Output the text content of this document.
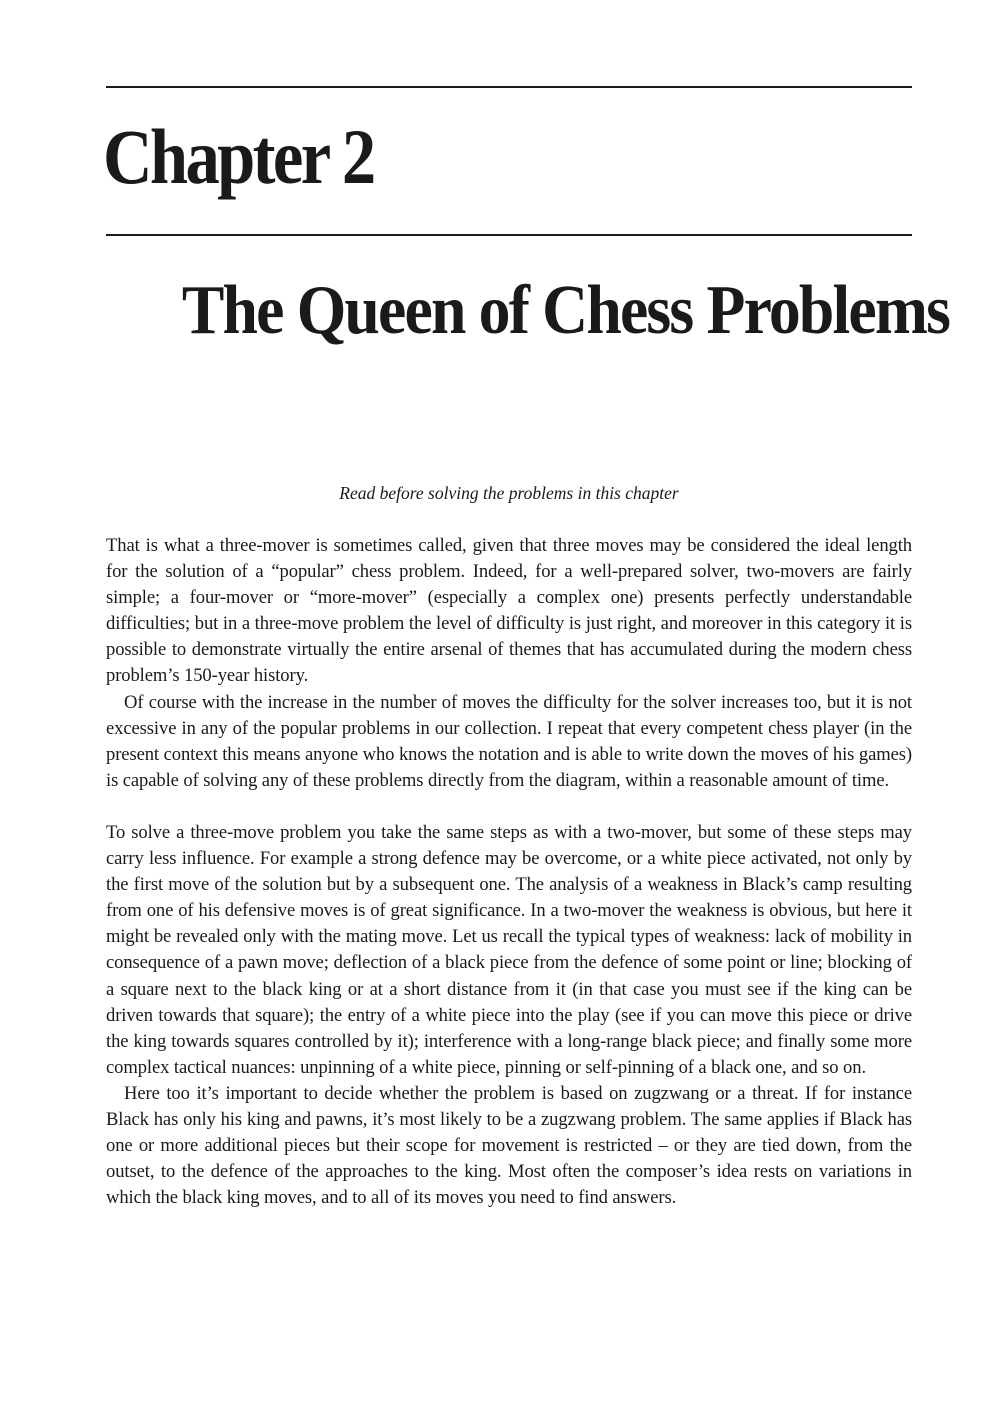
Chapter 2
The Queen of Chess Problems

Read before solving the problems in this chapter

That is what a three-mover is sometimes called, given that three moves may be considered the ideal length for the solution of a “popular” chess problem. Indeed, for a well-prepared solver, two-movers are fairly simple; a four-mover or “more-mover” (especially a complex one) presents perfectly understandable difficulties; but in a three-move problem the level of difficulty is just right, and moreover in this category it is possible to demonstrate virtually the entire arsenal of themes that has accumulated during the modern chess problem’s 150-year history.

Of course with the increase in the number of moves the difficulty for the solver increases too, but it is not excessive in any of the popular problems in our collection. I repeat that every competent chess player (in the present context this means anyone who knows the notation and is able to write down the moves of his games) is capable of solving any of these problems directly from the diagram, within a reasonable amount of time.

To solve a three-move problem you take the same steps as with a two-mover, but some of these steps may carry less influence. For example a strong defence may be overcome, or a white piece activated, not only by the first move of the solution but by a subsequent one. The analysis of a weakness in Black’s camp resulting from one of his defensive moves is of great significance. In a two-mover the weakness is obvious, but here it might be revealed only with the mating move. Let us recall the typical types of weakness: lack of mobility in consequence of a pawn move; deflection of a black piece from the defence of some point or line; blocking of a square next to the black king or at a short distance from it (in that case you must see if the king can be driven towards that square); the entry of a white piece into the play (see if you can move this piece or drive the king towards squares controlled by it); interference with a long-range black piece; and finally some more complex tactical nuances: unpinning of a white piece, pinning or self-pinning of a black one, and so on.

Here too it’s important to decide whether the problem is based on zugzwang or a threat. If for instance Black has only his king and pawns, it’s most likely to be a zugzwang problem. The same applies if Black has one or more additional pieces but their scope for movement is restricted – or they are tied down, from the outset, to the defence of the approaches to the king. Most often the composer’s idea rests on variations in which the black king moves, and to all of its moves you need to find answers.
